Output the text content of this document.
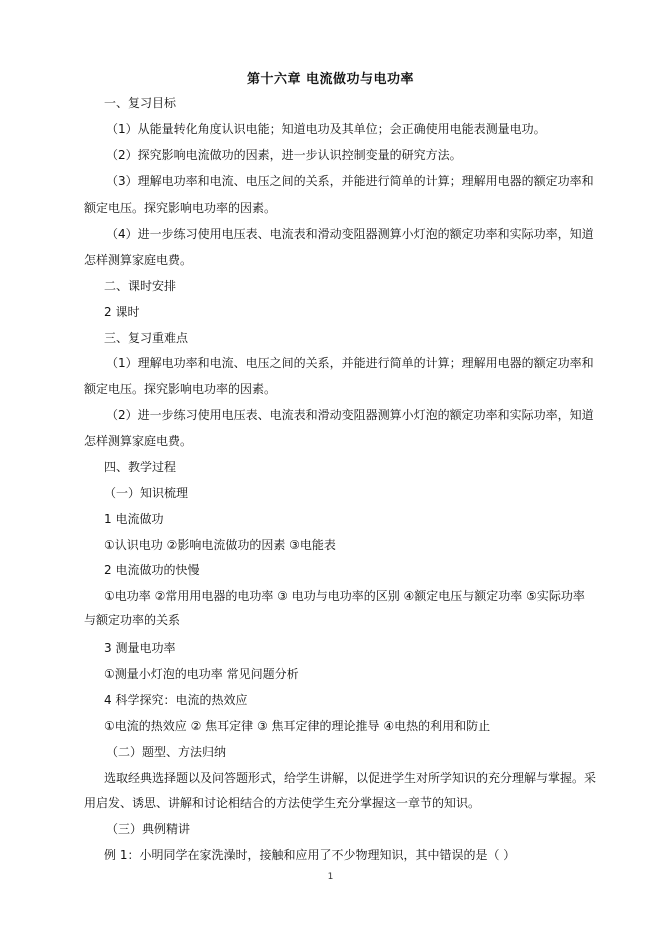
第十六章 电流做功与电功率
一、复习目标
（1）从能量转化角度认识电能；知道电功及其单位；会正确使用电能表测量电功。
（2）探究影响电流做功的因素，进一步认识控制变量的研究方法。
（3）理解电功率和电流、电压之间的关系，并能进行简单的计算；理解用电器的额定功率和
额定电压。探究影响电功率的因素。
（4）进一步练习使用电压表、电流表和滑动变阻器测算小灯泡的额定功率和实际功率，知道
怎样测算家庭电费。
二、课时安排
2 课时
三、复习重难点
（1）理解电功率和电流、电压之间的关系，并能进行简单的计算；理解用电器的额定功率和
额定电压。探究影响电功率的因素。
（2）进一步练习使用电压表、电流表和滑动变阻器测算小灯泡的额定功率和实际功率，知道
怎样测算家庭电费。
四、教学过程
（一）知识梳理
1 电流做功
①认识电功 ②影响电流做功的因素 ③电能表
2 电流做功的快慢
①电功率 ②常用用电器的电功率 ③ 电功与电功率的区别 ④额定电压与额定功率 ⑤实际功率
与额定功率的关系
3 测量电功率
①测量小灯泡的电功率 常见问题分析
4 科学探究：电流的热效应
①电流的热效应 ② 焦耳定律 ③ 焦耳定律的理论推导 ④电热的利用和防止
（二）题型、方法归纳
选取经典选择题以及问答题形式，给学生讲解，以促进学生对所学知识的充分理解与掌握。采
用启发、诱思、讲解和讨论相结合的方法使学生充分掌握这一章节的知识。
（三）典例精讲
例 1：小明同学在家洗澡时，接触和应用了不少物理知识，其中错误的是（ ）
1
